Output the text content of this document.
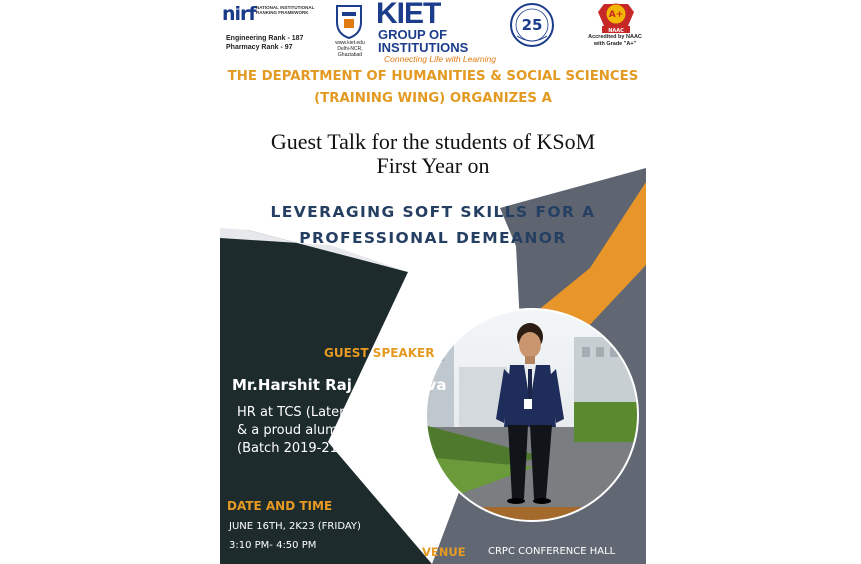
nirf NATIONAL INSTITUTIONAL RANKING FRAMEWORK
Engineering Rank - 187
Pharmacy Rank - 97
www.kiet.edu
Delhi-NCR, Ghaziabad
KIET
GROUP OF INSTITUTIONS
Connecting Life with Learning
25
A+
NAAC
Accredited by NAAC with Grade "A+"
THE DEPARTMENT OF HUMANITIES & SOCIAL SCIENCES
(TRAINING WING) ORGANIZES A
Guest Talk for the students of KSoM
First Year on
LEVERAGING SOFT SKILLS FOR A
PROFESSIONAL DEMEANOR
GUEST SPEAKER
Mr.Harshit Raj Srivastava
HR at TCS (Lateral IT Hiring)
& a proud alumnus of KSoM
(Batch 2019-21)
DATE AND TIME
JUNE 16TH, 2K23 (FRIDAY)
3:10 PM- 4:50 PM	VENUE CRPC CONFERENCE HALL
